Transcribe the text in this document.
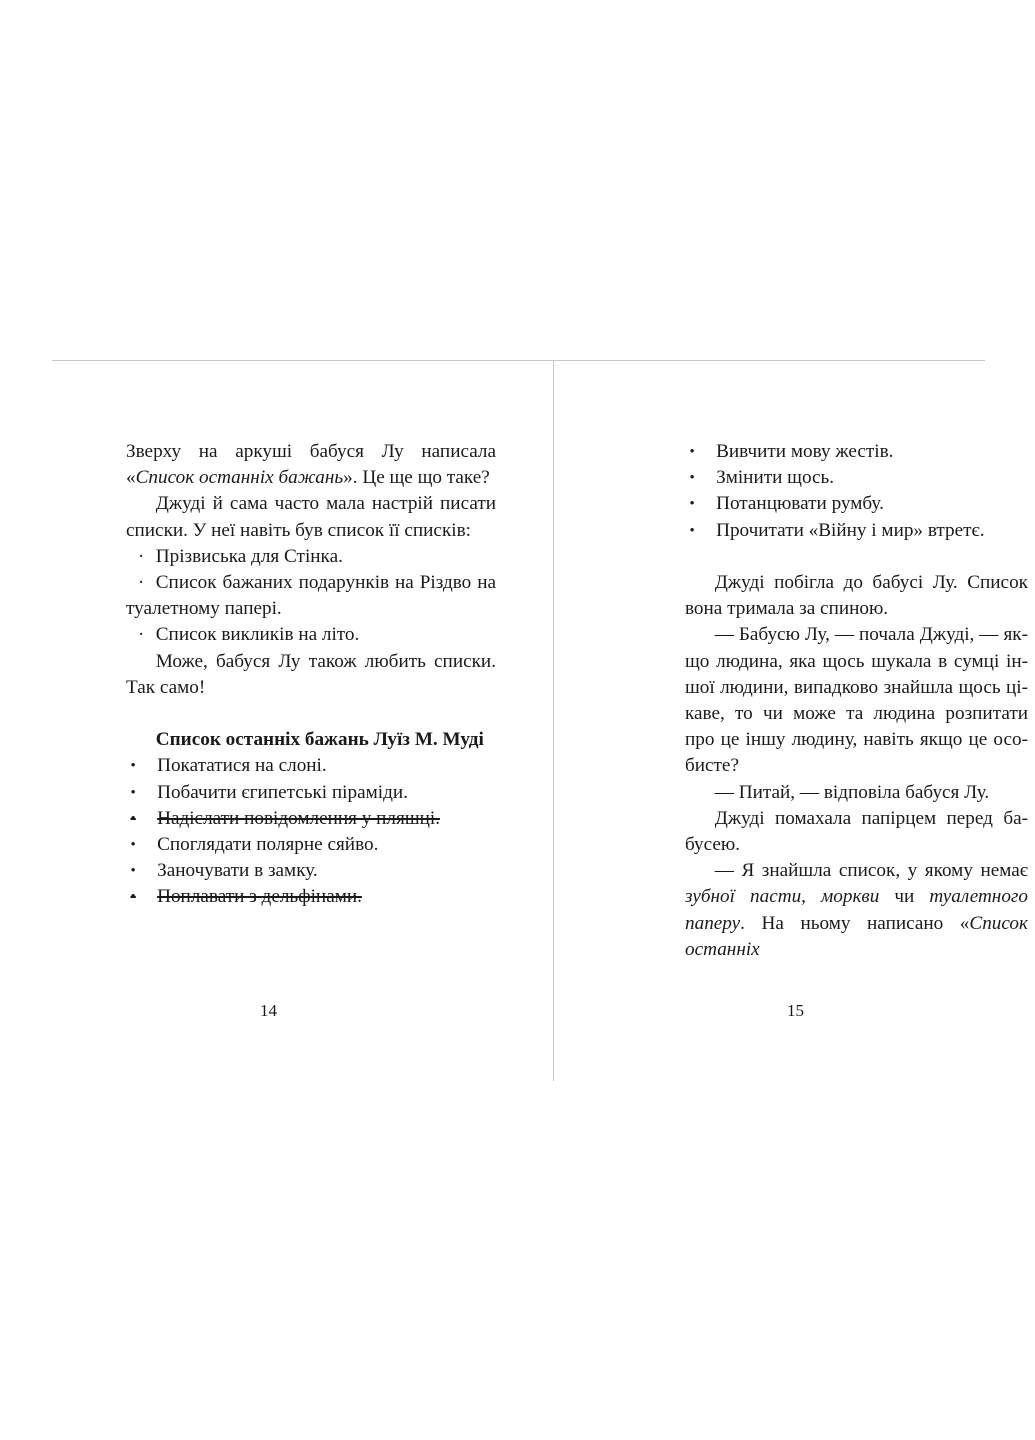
Зверху на аркуші бабуся Лу написала «Список останніх бажань». Це ще що таке?

Джуді й сама часто мала настрій писати списки. У неї навіть був список її списків:

· Прізвиська для Стінка.
· Список бажаних подарунків на Різдво на туалетному папері.
· Список викликів на літо.

Може, бабуся Лу також любить списки. Так само!

Список останніх бажань Луїз М. Муді

•	Покататися на слоні.
•	Побачити єгипетські піраміди.
•	Надіслати повідомлення у пляшці.
•	Споглядати полярне сяйво.
•	Заночувати в замку.
•	Поплавати з дельфінами.
14
•	Вивчити мову жестів.
•	Змінити щось.
•	Потанцювати румбу.
•	Прочитати «Війну і мир» втретє.

Джуді побігла до бабусі Лу. Список вона тримала за спиною.

— Бабусю Лу, — почала Джуді, — якщо людина, яка щось шукала в сумці іншої людини, випадково знайшла щось цікаве, то чи може та людина розпитати про це іншу людину, навіть якщо це особисте?

— Питай, — відповіла бабуся Лу.

Джуді помахала папірцем перед бабусею.

— Я знайшла список, у якому немає зубної пасти, моркви чи туалетного паперу. На ньому написано «Список останніх

15
